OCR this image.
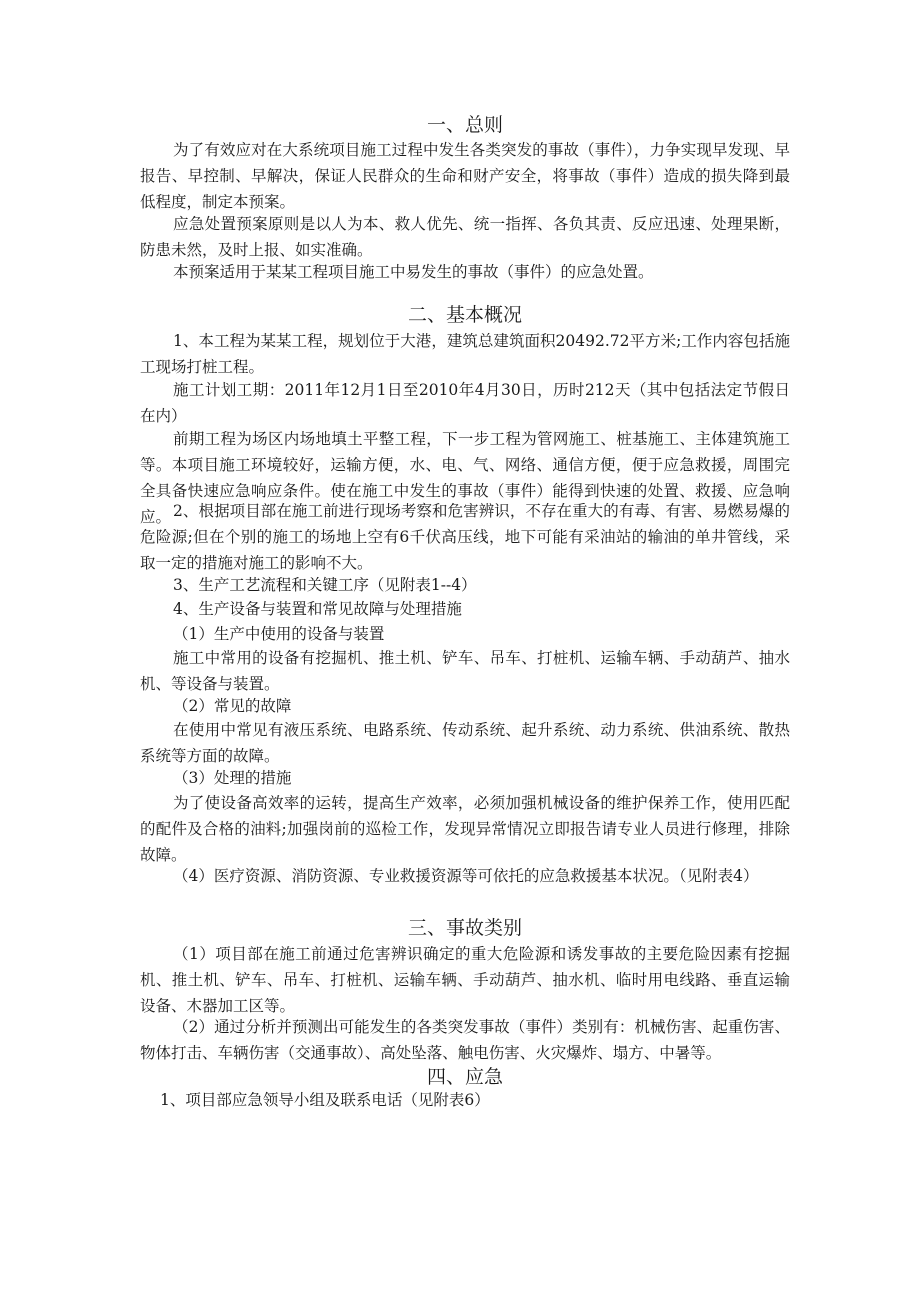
一、总则

为了有效应对在大系统项目施工过程中发生各类突发的事故（事件），力争实现早发现、早报告、早控制、早解决，保证人民群众的生命和财产安全，将事故（事件）造成的损失降到最低程度，制定本预案。

应急处置预案原则是以人为本、救人优先、统一指挥、各负其责、反应迅速、处理果断，防患未然，及时上报、如实准确。

本预案适用于某某工程项目施工中易发生的事故（事件）的应急处置。

二、基本概况

1、本工程为某某工程，规划位于大港，建筑总建筑面积20492.72平方米;工作内容包括施工现场打桩工程。

施工计划工期：2011年12月1日至2010年4月30日，历时212天（其中包括法定节假日在内）

前期工程为场区内场地填土平整工程，下一步工程为管网施工、桩基施工、主体建筑施工等。本项目施工环境较好，运输方便，水、电、气、网络、通信方便，便于应急救援，周围完全具备快速应急响应条件。使在施工中发生的事故（事件）能得到快速的处置、救援、应急响应。 2、根据项目部在施工前进行现场考察和危害辨识，不存在重大的有毒、有害、易燃易爆的危险源;但在个别的施工的场地上空有6千伏高压线，地下可能有采油站的输油的单井管线，采取一定的措施对施工的影响不大。

3、生产工艺流程和关键工序（见附表1--4）
4、生产设备与装置和常见故障与处理措施
（1）生产中使用的设备与装置

施工中常用的设备有挖掘机、推土机、铲车、吊车、打桩机、运输车辆、手动葫芦、抽水机、等设备与装置。

（2）常见的故障

在使用中常见有液压系统、电路系统、传动系统、起升系统、动力系统、供油系统、散热系统等方面的故障。

（3）处理的措施

为了使设备高效率的运转，提高生产效率，必须加强机械设备的维护保养工作，使用匹配的配件及合格的油料;加强岗前的巡检工作，发现异常情况立即报告请专业人员进行修理，排除故障。

（4）医疗资源、消防资源、专业救援资源等可依托的应急救援基本状况。（见附表4）
三、事故类别

（1）项目部在施工前通过危害辨识确定的重大危险源和诱发事故的主要危险因素有挖掘机、推土机、铲车、吊车、打桩机、运输车辆、手动葫芦、抽水机、临时用电线路、垂直运输设备、木器加工区等。

（2）通过分析并预测出可能发生的各类突发事故（事件）类别有：机械伤害、起重伤害、物体打击、车辆伤害（交通事故）、高处坠落、触电伤害、火灾爆炸、塌方、中暑等。

四、应急
1、项目部应急领导小组及联系电话（见附表6）
